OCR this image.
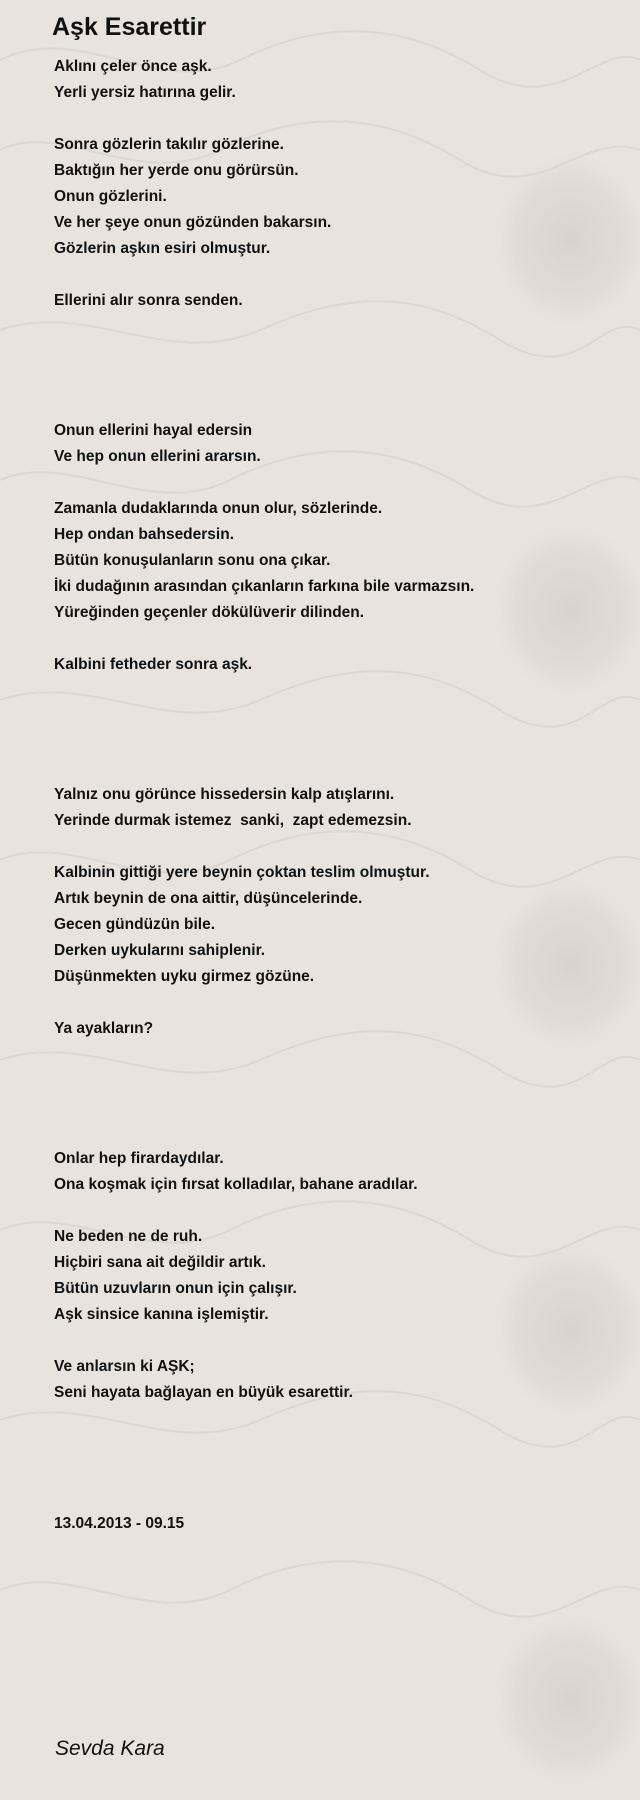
Aşk Esarettir
Aklını çeler önce aşk.
Yerli yersiz hatırına gelir.
Sonra gözlerin takılır gözlerine.
Baktığın her yerde onu görürsün.
Onun gözlerini.
Ve her şeye onun gözünden bakarsın.
Gözlerin aşkın esiri olmuştur.
Ellerini alır sonra senden.
Onun ellerini hayal edersin
Ve hep onun ellerini ararsın.
Zamanla dudaklarında onun olur, sözlerinde.
Hep ondan bahsedersin.
Bütün konuşulanların sonu ona çıkar.
İki dudağının arasından çıkanların farkına bile varmazsın.
Yüreğinden geçenler dökülüverir dilinden.
Kalbini fetheder sonra aşk.
Yalnız onu görünce hissedersin kalp atışlarını.
Yerinde durmak istemez  sanki,  zapt edemezsin.
Kalbinin gittiği yere beynin çoktan teslim olmuştur.
Artık beynin de ona aittir, düşüncelerinde.
Gecen gündüzün bile.
Derken uykularını sahiplenir.
Düşünmekten uyku girmez gözüne.
Ya ayakların?
Onlar hep firardaydılar.
Ona koşmak için fırsat kolladılar, bahane aradılar.
Ne beden ne de ruh.
Hiçbiri sana ait değildir artık.
Bütün uzuvların onun için çalışır.
Aşk sinsice kanına işlemiştir.
Ve anlarsın ki AŞK;
Seni hayata bağlayan en büyük esarettir.
13.04.2013 - 09.15
Sevda Kara
